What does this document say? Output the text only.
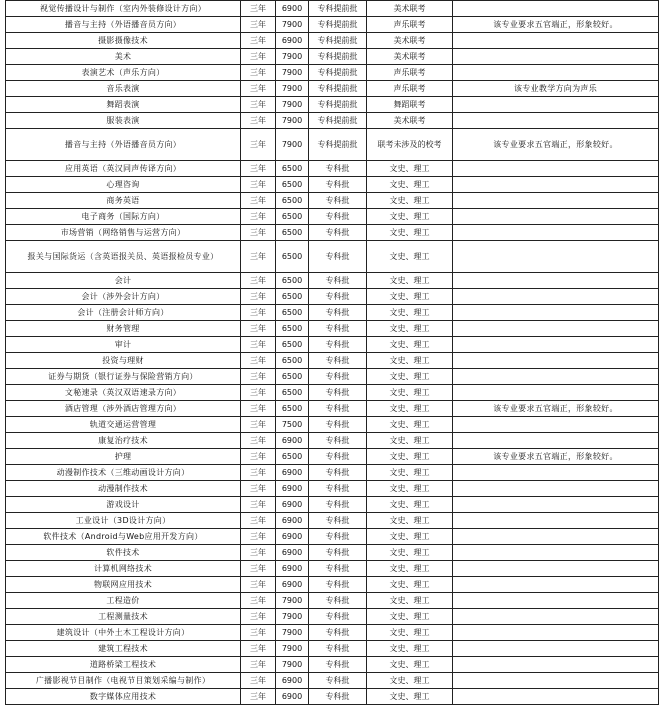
视觉传播设计与制作（室内外装修设计方向）	三年	6900	专科提前批	美术联考	
播音与主持（外语播音员方向）	三年	7900	专科提前批	声乐联考	该专业要求五官端正，形象较好。
摄影摄像技术	三年	6900	专科提前批	美术联考	
美术	三年	7900	专科提前批	美术联考	
表演艺术（声乐方向）	三年	7900	专科提前批	声乐联考	
音乐表演	三年	7900	专科提前批	声乐联考	该专业教学方向为声乐
舞蹈表演	三年	7900	专科提前批	舞蹈联考	
服装表演	三年	7900	专科提前批	美术联考	
播音与主持（外语播音员方向）	三年	7900	专科提前批	联考未涉及的校考	该专业要求五官端正，形象较好。
应用英语（英汉同声传译方向）	三年	6500	专科批	文史、理工	
心理咨询	三年	6500	专科批	文史、理工	
商务英语	三年	6500	专科批	文史、理工	
电子商务（国际方向）	三年	6500	专科批	文史、理工	
市场营销（网络销售与运营方向）	三年	6500	专科批	文史、理工	
报关与国际货运（含英语报关员、英语报检员专业）	三年	6500	专科批	文史、理工	
会计	三年	6500	专科批	文史、理工	
会计（涉外会计方向）	三年	6500	专科批	文史、理工	
会计（注册会计师方向）	三年	6500	专科批	文史、理工	
财务管理	三年	6500	专科批	文史、理工	
审计	三年	6500	专科批	文史、理工	
投资与理财	三年	6500	专科批	文史、理工	
证券与期货（银行证券与保险营销方向）	三年	6500	专科批	文史、理工	
文秘速录（英汉双语速录方向）	三年	6500	专科批	文史、理工	
酒店管理（涉外酒店管理方向）	三年	6500	专科批	文史、理工	该专业要求五官端正，形象较好。
轨道交通运营管理	三年	7500	专科批	文史、理工	
康复治疗技术	三年	6900	专科批	文史、理工	
护理	三年	6500	专科批	文史、理工	该专业要求五官端正，形象较好。
动漫制作技术（三维动画设计方向）	三年	6900	专科批	文史、理工	
动漫制作技术	三年	6900	专科批	文史、理工	
游戏设计	三年	6900	专科批	文史、理工	
工业设计（3D设计方向）	三年	6900	专科批	文史、理工	
软件技术（Android与Web应用开发方向）	三年	6900	专科批	文史、理工	
软件技术	三年	6900	专科批	文史、理工	
计算机网络技术	三年	6900	专科批	文史、理工	
物联网应用技术	三年	6900	专科批	文史、理工	
工程造价	三年	7900	专科批	文史、理工	
工程测量技术	三年	7900	专科批	文史、理工	
建筑设计（中外土木工程设计方向）	三年	7900	专科批	文史、理工	
建筑工程技术	三年	7900	专科批	文史、理工	
道路桥梁工程技术	三年	7900	专科批	文史、理工	
广播影视节目制作（电视节目策划采编与制作）	三年	6900	专科批	文史、理工	
数字媒体应用技术	三年	6900	专科批	文史、理工	
